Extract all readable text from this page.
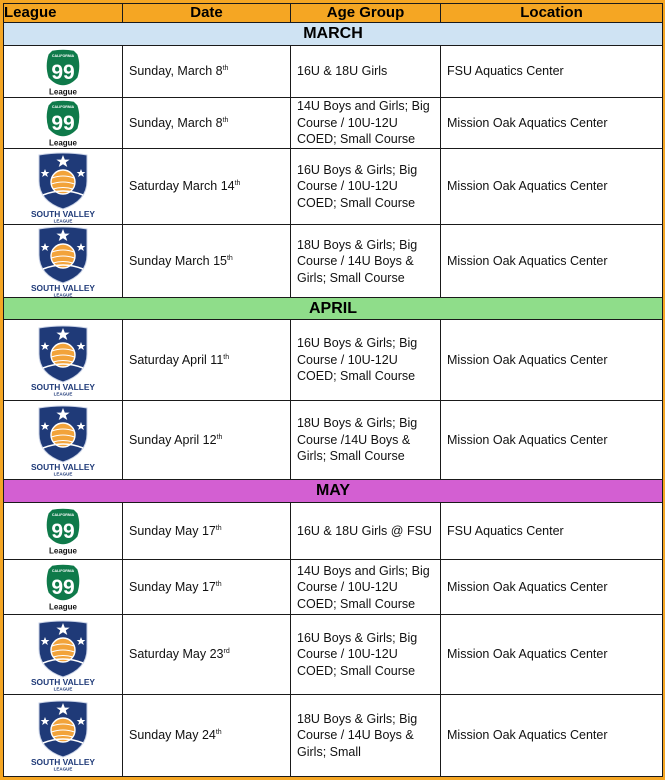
League	Date	Age Group	Location
MARCH			

CALIFORNIA
99
League	Sunday, March 8th	16U & 18U Girls	FSU Aquatics Center

CALIFORNIA
99
League	Sunday, March 8th	14U Boys and Girls; Big Course / 10U-12U COED; Small Course	Mission Oak Aquatics Center

SOUTH VALLEY
LEAGUE	Saturday March 14th	16U Boys & Girls; Big Course / 10U-12U COED; Small Course	Mission Oak Aquatics Center

SOUTH VALLEY
LEAGUE	Sunday March 15th	18U Boys & Girls; Big Course / 14U Boys & Girls; Small Course	Mission Oak Aquatics Center
APRIL			

SOUTH VALLEY
LEAGUE	Saturday April 11th	16U Boys & Girls; Big Course / 10U-12U COED; Small Course	Mission Oak Aquatics Center

SOUTH VALLEY
LEAGUE	Sunday April 12th	18U Boys & Girls; Big Course /14U Boys & Girls; Small Course	Mission Oak Aquatics Center
MAY			

CALIFORNIA
99
League	Sunday May 17th	16U & 18U Girls @ FSU	FSU Aquatics Center

CALIFORNIA
99
League	Sunday May 17th	14U Boys and Girls; Big Course / 10U-12U COED; Small Course	Mission Oak Aquatics Center

SOUTH VALLEY
LEAGUE	Saturday May 23rd	16U Boys & Girls; Big Course / 10U-12U COED; Small Course	Mission Oak Aquatics Center

SOUTH VALLEY
LEAGUE	Sunday May 24th	18U Boys & Girls; Big Course / 14U Boys & Girls; Small	Mission Oak Aquatics Center
